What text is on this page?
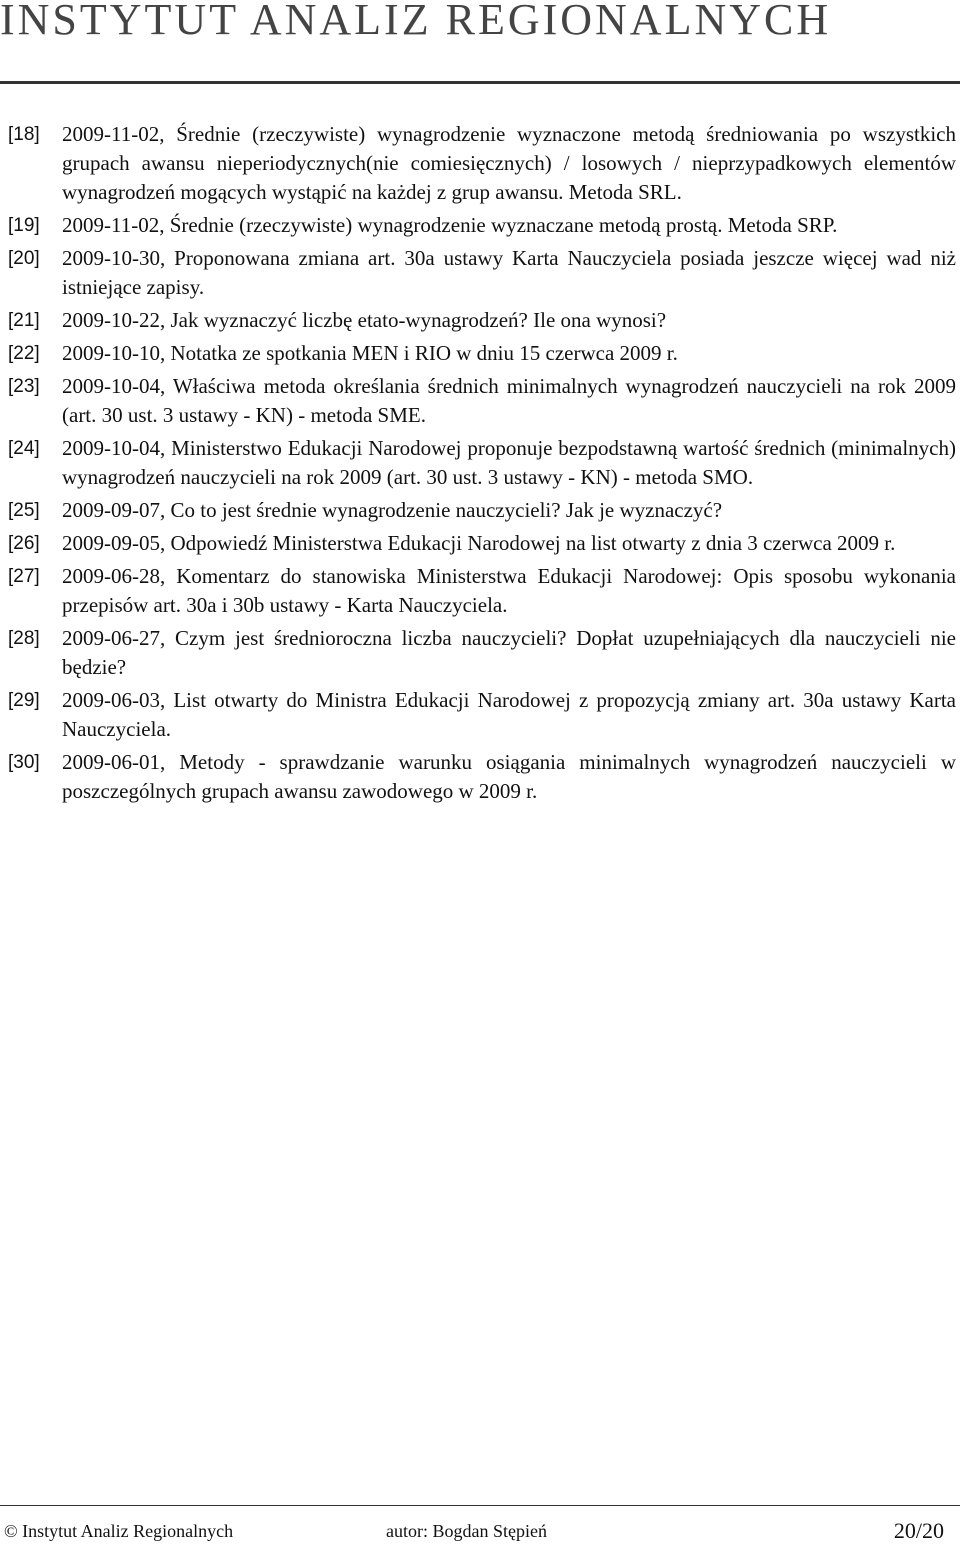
INSTYTUT ANALIZ REGIONALNYCH
[18]	2009-11-02, Średnie (rzeczywiste) wynagrodzenie wyznaczone metodą średniowania po wszystkich grupach awansu nieperiodycznych(nie comiesięcznych) / losowych / nieprzypadkowych elementów wynagrodzeń mogących wystąpić na każdej z grup awansu. Metoda SRL.
[19]	2009-11-02, Średnie (rzeczywiste) wynagrodzenie wyznaczane metodą prostą. Metoda SRP.
[20]	2009-10-30, Proponowana zmiana art. 30a ustawy Karta Nauczyciela posiada jeszcze więcej wad niż istniejące zapisy.
[21]	2009-10-22, Jak wyznaczyć liczbę etato-wynagrodzeń? Ile ona wynosi?
[22]	2009-10-10, Notatka ze spotkania MEN i RIO w dniu 15 czerwca 2009 r.
[23]	2009-10-04, Właściwa metoda określania średnich minimalnych wynagrodzeń nauczycieli na rok 2009 (art. 30 ust. 3 ustawy - KN) - metoda SME.
[24]	2009-10-04, Ministerstwo Edukacji Narodowej proponuje bezpodstawną wartość średnich (minimalnych) wynagrodzeń nauczycieli na rok 2009 (art. 30 ust. 3 ustawy - KN) - metoda SMO.
[25]	2009-09-07, Co to jest średnie wynagrodzenie nauczycieli? Jak je wyznaczyć?
[26]	2009-09-05, Odpowiedź Ministerstwa Edukacji Narodowej na list otwarty z dnia 3 czerwca 2009 r.
[27]	2009-06-28, Komentarz do stanowiska Ministerstwa Edukacji Narodowej: Opis sposobu wykonania przepisów art. 30a i 30b ustawy - Karta Nauczyciela.
[28]	2009-06-27, Czym jest średnioroczna liczba nauczycieli? Dopłat uzupełniających dla nauczycieli nie będzie?
[29]	2009-06-03, List otwarty do Ministra Edukacji Narodowej z propozycją zmiany art. 30a ustawy Karta Nauczyciela.
[30]	2009-06-01, Metody - sprawdzanie warunku osiągania minimalnych wynagrodzeń nauczycieli w poszczególnych grupach awansu zawodowego w 2009 r.
© Instytut Analiz Regionalnych	autor: Bogdan Stępień	20/20
